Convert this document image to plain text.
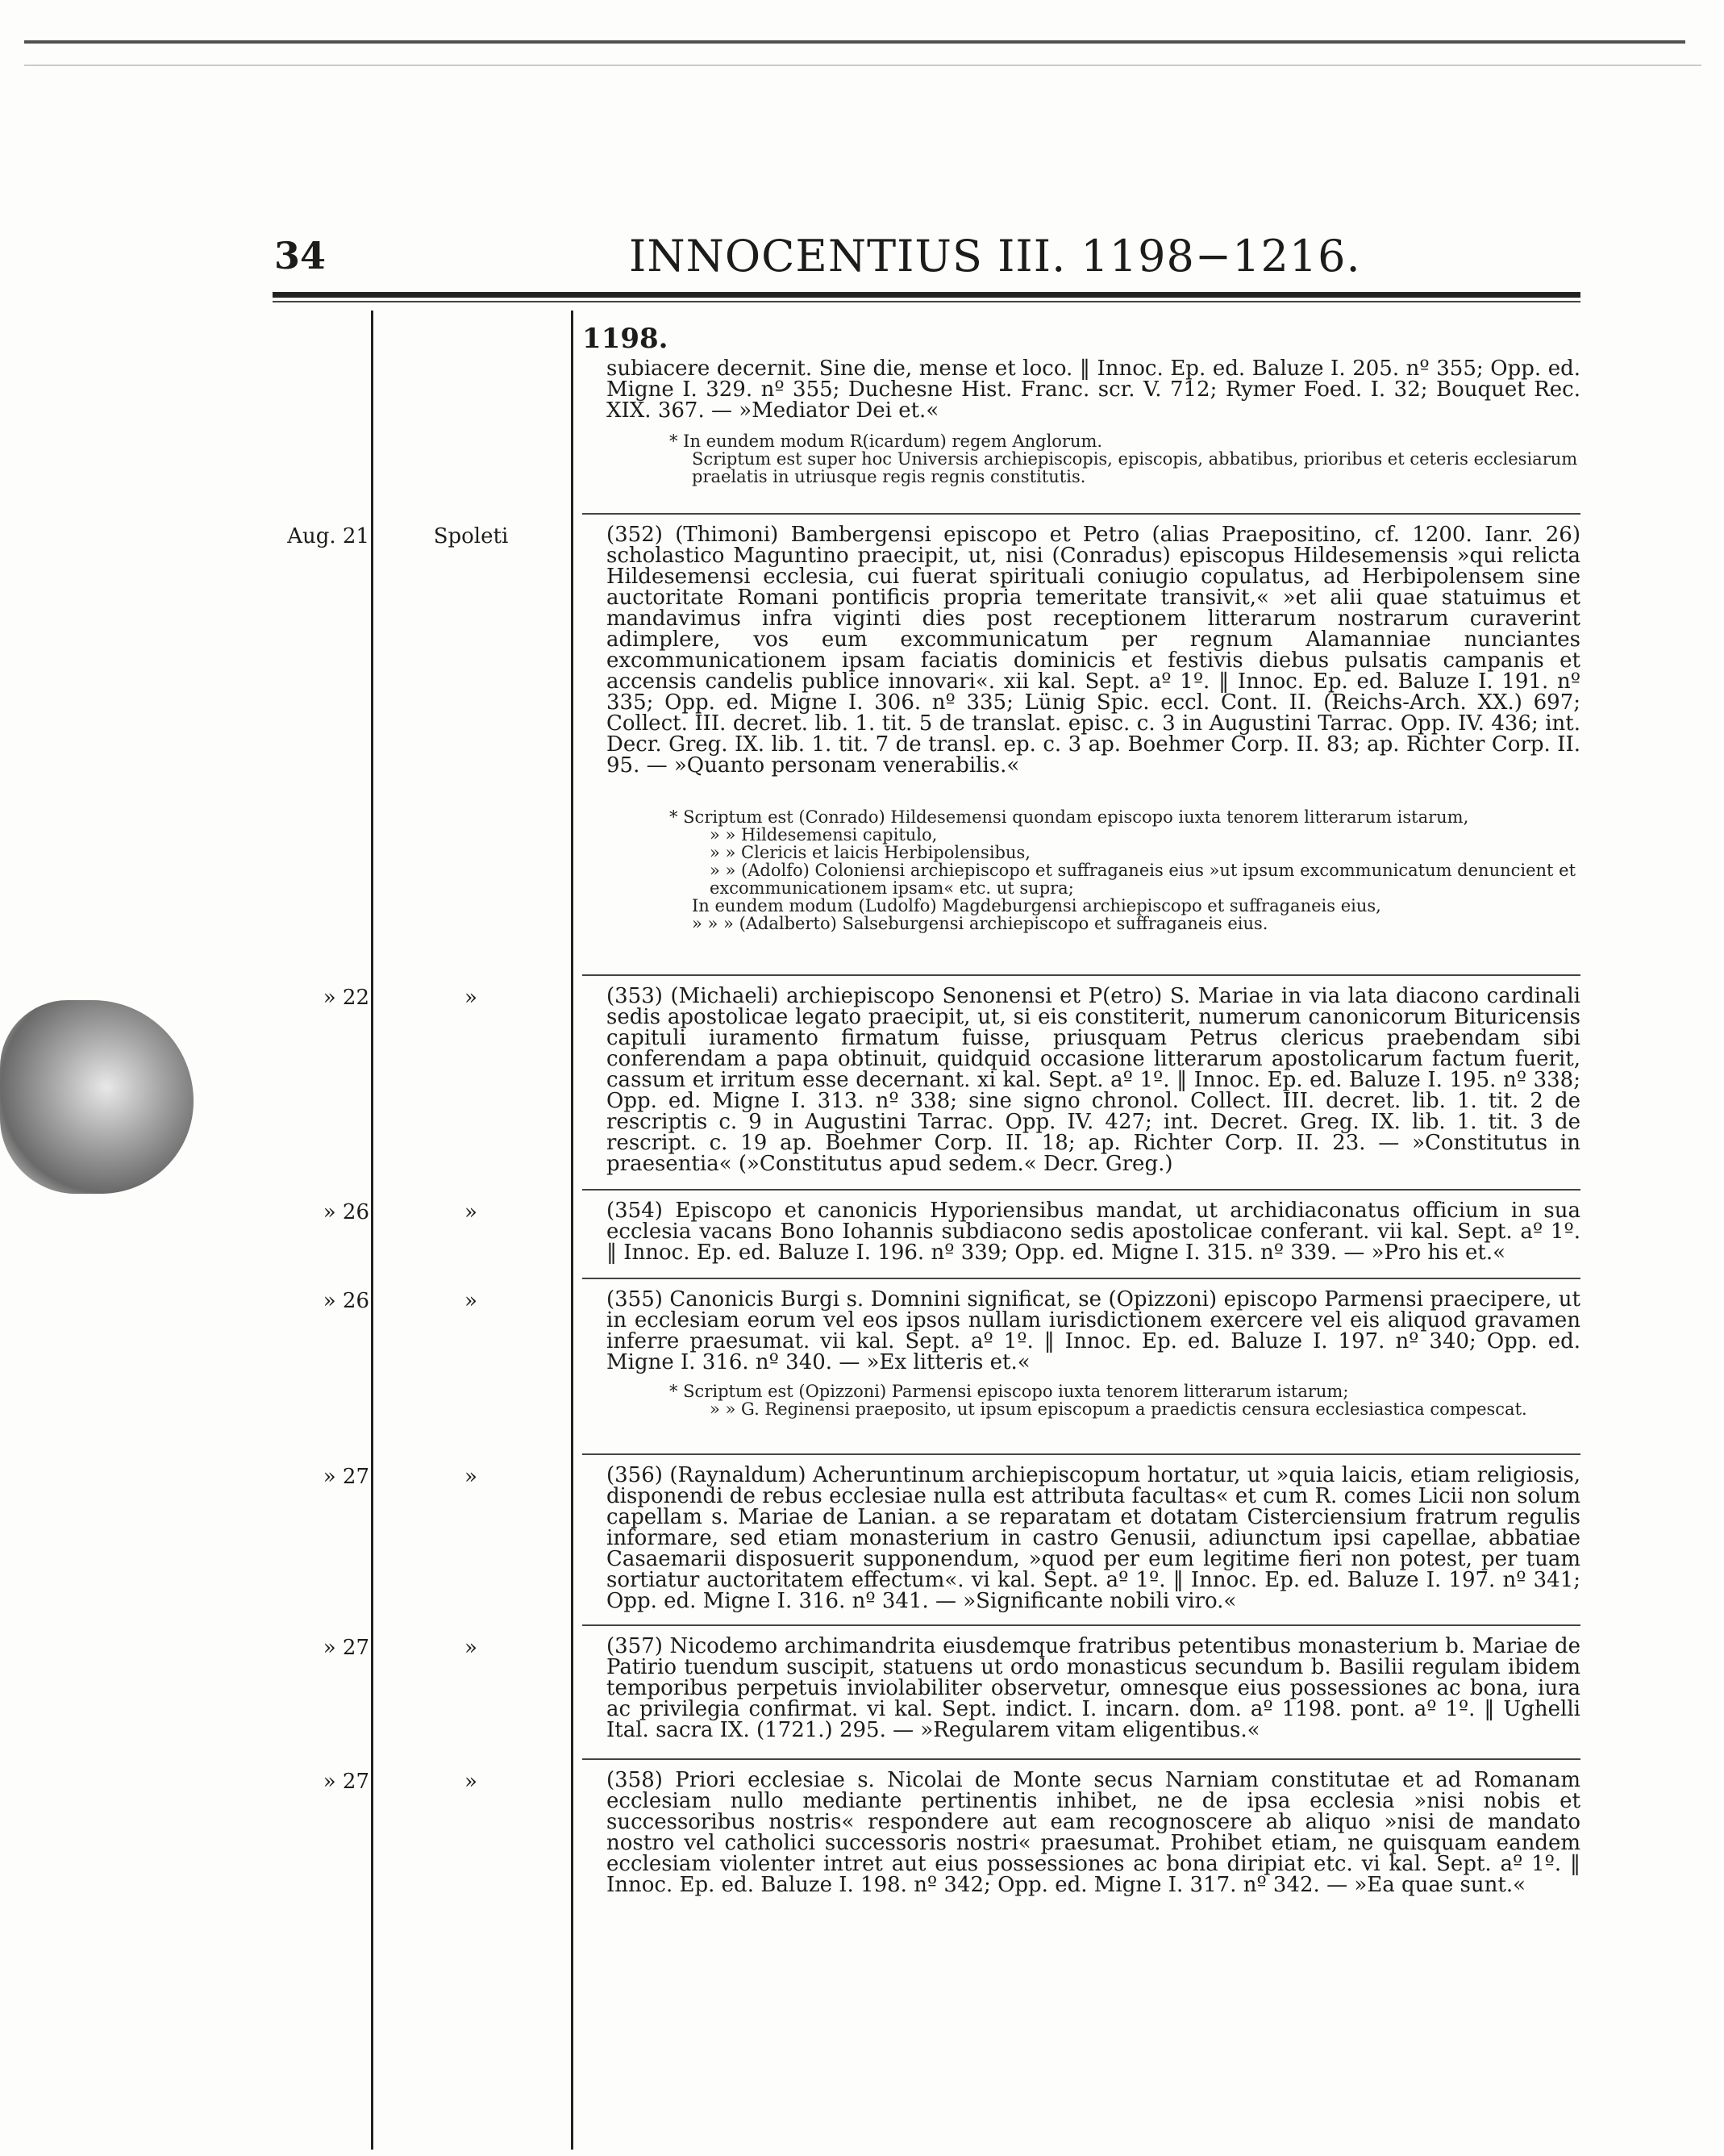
34	INNOCENTIUS III. 1198−1216.
1198.
subiacere decernit. Sine die, mense et loco. ‖ Innoc. Ep. ed. Baluze I. 205. nº 355; Opp. ed. Migne I. 329. nº 355; Duchesne Hist. Franc. scr. V. 712; Rymer Foed. I. 32; Bouquet Rec. XIX. 367. — »Mediator Dei et.«
* In eundem modum R(icardum) regem Anglorum.
Scriptum est super hoc Universis archiepiscopis, episcopis, abbatibus, prioribus et ceteris ecclesiarum praelatis in utriusque regis regnis constitutis.
Aug. 21	Spoleti	(352) (Thimoni) Bambergensi episcopo et Petro (alias Praepositino, cf. 1200. Ianr. 26) scholastico Maguntino praecipit, ut, nisi (Conradus) episcopus Hildesemensis »qui relicta Hildesemensi ecclesia, cui fuerat spirituali coniugio copulatus, ad Herbipolensem sine auctoritate Romani pontificis propria temeritate transivit,« »et alii quae statuimus et mandavimus infra viginti dies post receptionem litterarum nostrarum curaverint adimplere, vos eum excommunicatum per regnum Alamanniae nunciantes excommunicationem ipsam faciatis dominicis et festivis diebus pulsatis campanis et accensis candelis publice innovari«. xii kal. Sept. aº 1º. ‖ Innoc. Ep. ed. Baluze I. 191. nº 335; Opp. ed. Migne I. 306. nº 335; Lünig Spic. eccl. Cont. II. (Reichs-Arch. XX.) 697; Collect. III. decret. lib. 1. tit. 5 de translat. episc. c. 3 in Augustini Tarrac. Opp. IV. 436; int. Decr. Greg. IX. lib. 1. tit. 7 de transl. ep. c. 3 ap. Boehmer Corp. II. 83; ap. Richter Corp. II. 95. — »Quanto personam venerabilis.«
* Scriptum est (Conrado) Hildesemensi quondam episcopo iuxta tenorem litterarum istarum,
» » Hildesemensi capitulo,
» » Clericis et laicis Herbipolensibus,
» » (Adolfo) Coloniensi archiepiscopo et suffraganeis eius »ut ipsum excommunicatum denuncient et excommunicationem ipsam« etc. ut supra;
In eundem modum (Ludolfo) Magdeburgensi archiepiscopo et suffraganeis eius,
» » » (Adalberto) Salseburgensi archiepiscopo et suffraganeis eius.
» 22	»	(353) (Michaeli) archiepiscopo Senonensi et P(etro) S. Mariae in via lata diacono cardinali sedis apostolicae legato praecipit, ut, si eis constiterit, numerum canonicorum Bituricensis capituli iuramento firmatum fuisse, priusquam Petrus clericus praebendam sibi conferendam a papa obtinuit, quidquid occasione litterarum apostolicarum factum fuerit, cassum et irritum esse decernant. xi kal. Sept. aº 1º. ‖ Innoc. Ep. ed. Baluze I. 195. nº 338; Opp. ed. Migne I. 313. nº 338; sine signo chronol. Collect. III. decret. lib. 1. tit. 2 de rescriptis c. 9 in Augustini Tarrac. Opp. IV. 427; int. Decret. Greg. IX. lib. 1. tit. 3 de rescript. c. 19 ap. Boehmer Corp. II. 18; ap. Richter Corp. II. 23. — »Constitutus in praesentia« (»Constitutus apud sedem.« Decr. Greg.)
» 26	»	(354) Episcopo et canonicis Hyporiensibus mandat, ut archidiaconatus officium in sua ecclesia vacans Bono Iohannis subdiacono sedis apostolicae conferant. vii kal. Sept. aº 1º. ‖ Innoc. Ep. ed. Baluze I. 196. nº 339; Opp. ed. Migne I. 315. nº 339. — »Pro his et.«
» 26	»	(355) Canonicis Burgi s. Domnini significat, se (Opizzoni) episcopo Parmensi praecipere, ut in ecclesiam eorum vel eos ipsos nullam iurisdictionem exercere vel eis aliquod gravamen inferre praesumat. vii kal. Sept. aº 1º. ‖ Innoc. Ep. ed. Baluze I. 197. nº 340; Opp. ed. Migne I. 316. nº 340. — »Ex litteris et.«
* Scriptum est (Opizzoni) Parmensi episcopo iuxta tenorem litterarum istarum;
» » G. Reginensi praeposito, ut ipsum episcopum a praedictis censura ecclesiastica compescat.
» 27	»	(356) (Raynaldum) Acheruntinum archiepiscopum hortatur, ut »quia laicis, etiam religiosis, disponendi de rebus ecclesiae nulla est attributa facultas« et cum R. comes Licii non solum capellam s. Mariae de Lanian. a se reparatam et dotatam Cisterciensium fratrum regulis informare, sed etiam monasterium in castro Genusii, adiunctum ipsi capellae, abbatiae Casaemarii disposuerit supponendum, »quod per eum legitime fieri non potest, per tuam sortiatur auctoritatem effectum«. vi kal. Sept. aº 1º. ‖ Innoc. Ep. ed. Baluze I. 197. nº 341; Opp. ed. Migne I. 316. nº 341. — »Significante nobili viro.«
» 27	»	(357) Nicodemo archimandrita eiusdemque fratribus petentibus monasterium b. Mariae de Patirio tuendum suscipit, statuens ut ordo monasticus secundum b. Basilii regulam ibidem temporibus perpetuis inviolabiliter observetur, omnesque eius possessiones ac bona, iura ac privilegia confirmat. vi kal. Sept. indict. I. incarn. dom. aº 1198. pont. aº 1º. ‖ Ughelli Ital. sacra IX. (1721.) 295. — »Regularem vitam eligentibus.«
» 27	»	(358) Priori ecclesiae s. Nicolai de Monte secus Narniam constitutae et ad Romanam ecclesiam nullo mediante pertinentis inhibet, ne de ipsa ecclesia »nisi nobis et successoribus nostris« respondere aut eam recognoscere ab aliquo »nisi de mandato nostro vel catholici successoris nostri« praesumat. Prohibet etiam, ne quisquam eandem ecclesiam violenter intret aut eius possessiones ac bona diripiat etc. vi kal. Sept. aº 1º. ‖ Innoc. Ep. ed. Baluze I. 198. nº 342; Opp. ed. Migne I. 317. nº 342. — »Ea quae sunt.«
